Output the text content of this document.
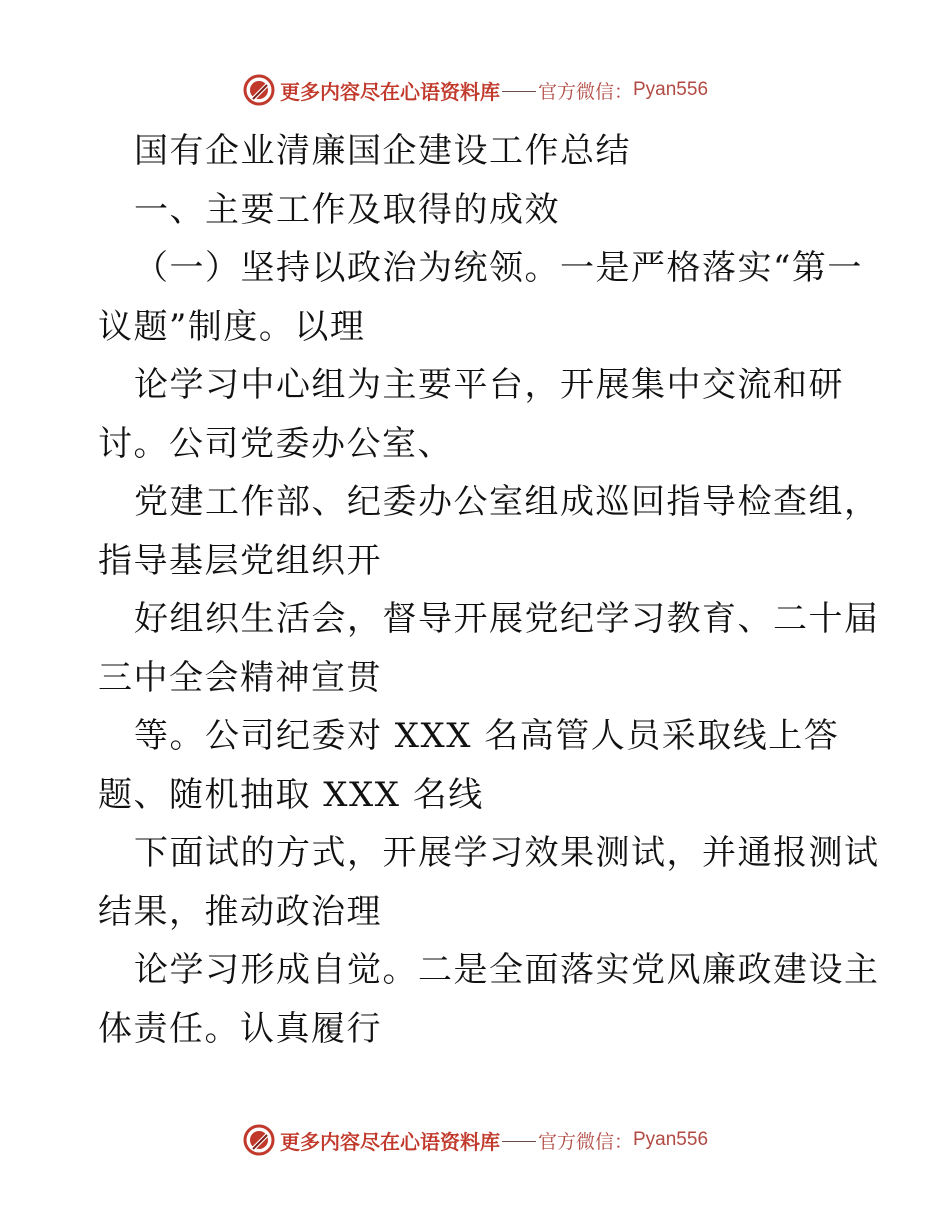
更多内容尽在心语资料库 官方微信： Pyan556
国有企业清廉国企建设工作总结
一、主要工作及取得的成效
（一）坚持以政治为统领。一是严格落实“第一
议题”制度。以理
论学习中心组为主要平台，开展集中交流和研
讨。公司党委办公室、
党建工作部、纪委办公室组成巡回指导检查组，
指导基层党组织开
好组织生活会，督导开展党纪学习教育、二十届
三中全会精神宣贯
等。公司纪委对 XXX 名高管人员采取线上答
题、随机抽取 XXX 名线
下面试的方式，开展学习效果测试，并通报测试
结果，推动政治理
论学习形成自觉。二是全面落实党风廉政建设主
体责任。认真履行
更多内容尽在心语资料库 官方微信： Pyan556
